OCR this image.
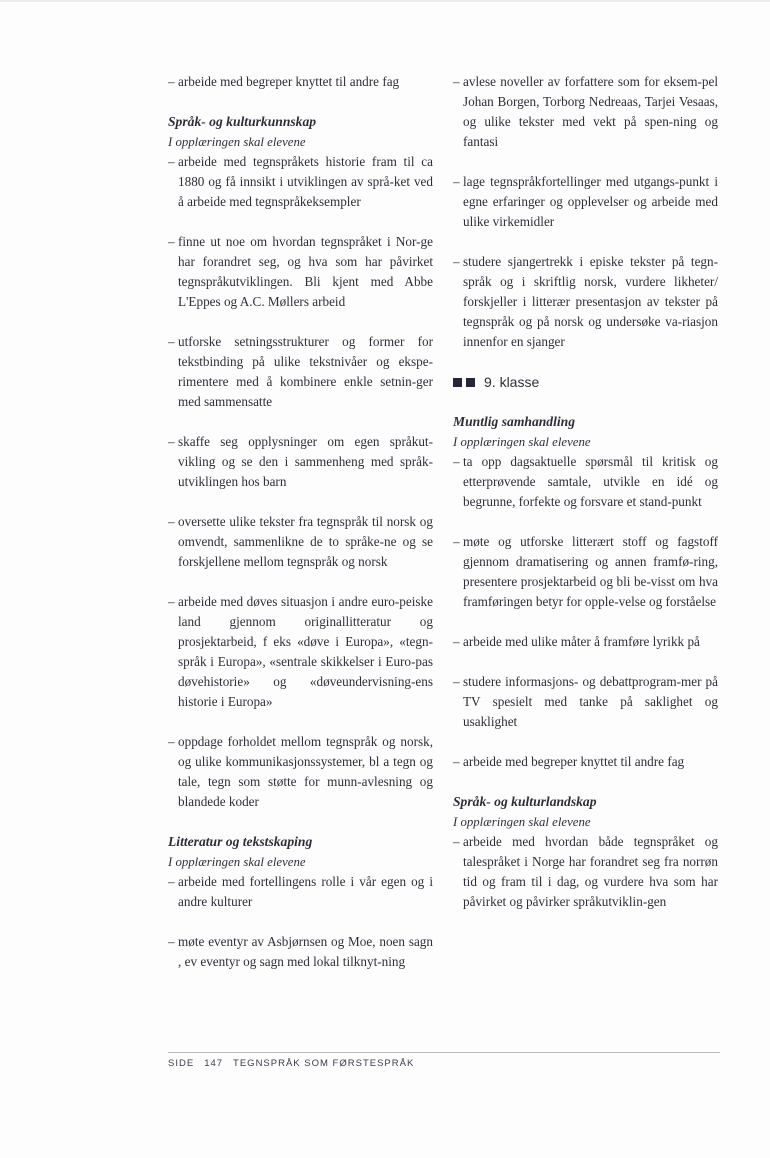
– arbeide med begreper knyttet til andre fag

Språk- og kulturkunnskap

I opplæringen skal elevene

– arbeide med tegnspråkets historie fram til ca 1880 og få innsikt i utviklingen av språ-ket ved å arbeide med tegnspråkeksempler
– finne ut noe om hvordan tegnspråket i Nor-ge har forandret seg, og hva som har påvirket tegnspråkutviklingen. Bli kjent med Abbe L'Eppes og A.C. Møllers arbeid
– utforske setningsstrukturer og former for tekstbinding på ulike tekstnivåer og ekspe-rimentere med å kombinere enkle setnin-ger med sammensatte
– skaffe seg opplysninger om egen språkut-vikling og se den i sammenheng med språk-utviklingen hos barn
– oversette ulike tekster fra tegnspråk til norsk og omvendt, sammenlikne de to språke-ne og se forskjellene mellom tegnspråk og norsk
– arbeide med døves situasjon i andre euro-peiske land gjennom originallitteratur og prosjektarbeid, f eks «døve i Europa», «tegn-språk i Europa», «sentrale skikkelser i Euro-pas døvehistorie» og «døveundervisning-ens historie i Europa»
– oppdage forholdet mellom tegnspråk og norsk, og ulike kommunikasjonssystemer, bl a tegn og tale, tegn som støtte for munn-avlesning og blandede koder

Litteratur og tekstskaping

I opplæringen skal elevene

– arbeide med fortellingens rolle i vår egen og i andre kulturer
– møte eventyr av Asbjørnsen og Moe, noen sagn , ev eventyr og sagn med lokal tilknyt-ning
– avlese noveller av forfattere som for eksem-pel Johan Borgen, Torborg Nedreaas, Tarjei Vesaas, og ulike tekster med vekt på spen-ning og fantasi
– lage tegnspråkfortellinger med utgangs-punkt i egne erfaringer og opplevelser og arbeide med ulike virkemidler
– studere sjangertrekk i episke tekster på tegn-språk og i skriftlig norsk, vurdere likheter/ forskjeller i litterær presentasjon av tekster på tegnspråk og på norsk og undersøke va-riasjon innenfor en sjanger
9. klasse

Muntlig samhandling

I opplæringen skal elevene

– ta opp dagsaktuelle spørsmål til kritisk og etterprøvende samtale, utvikle en idé og begrunne, forfekte og forsvare et stand-punkt
– møte og utforske litterært stoff og fagstoff gjennom dramatisering og annen framfø-ring, presentere prosjektarbeid og bli be-visst om hva framføringen betyr for opple-velse og forståelse
– arbeide med ulike måter å framføre lyrikk på
– studere informasjons- og debattprogram-mer på TV spesielt med tanke på saklighet og usaklighet
– arbeide med begreper knyttet til andre fag

Språk- og kulturlandskap

I opplæringen skal elevene

– arbeide med hvordan både tegnspråket og talespråket i Norge har forandret seg fra norrøn tid og fram til i dag, og vurdere hva som har påvirket og påvirker språkutviklin-gen
SIDE 147 TEGNSPRÅK SOM FØRSTESPRÅK
